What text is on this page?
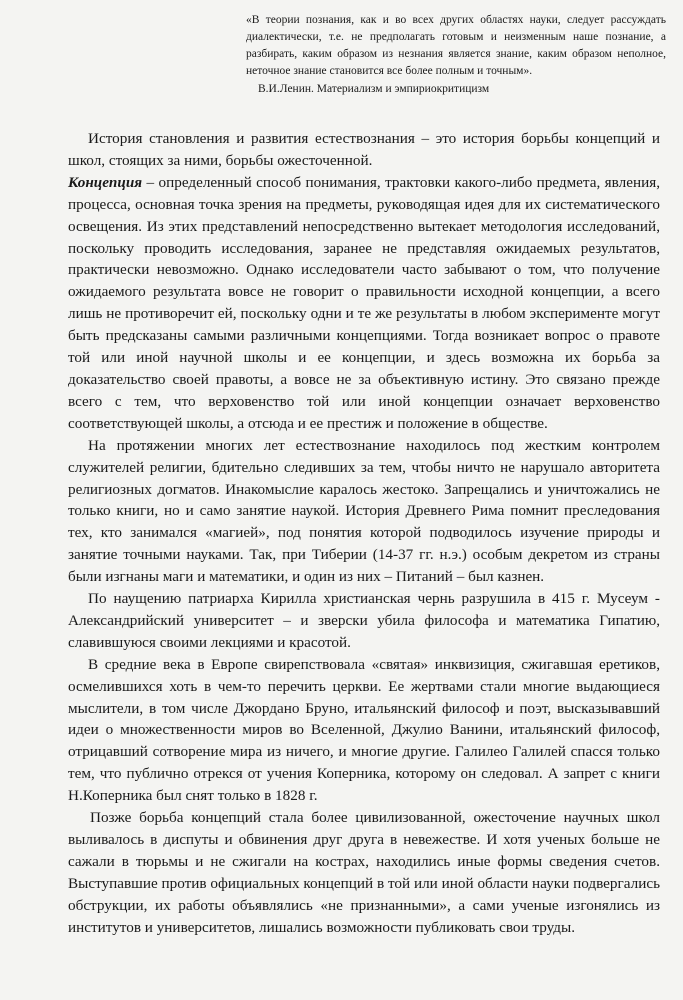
«В теории познания, как и во всех других областях науки, следует рассуждать диалектически, т.е. не предполагать готовым и неизменным наше познание, а разбирать, каким образом из незнания является знание, каким образом неполное, неточное знание становится все более полным и точным».
В.И.Ленин. Материализм и эмпириокритицизм

История становления и развития естествознания – это история борьбы концепций и школ, стоящих за ними, борьбы ожесточенной.

Концепция – определенный способ понимания, трактовки какого-либо предмета, явления, процесса, основная точка зрения на предметы, руководящая идея для их систематического освещения. Из этих представлений непосредственно вытекает методология исследований, поскольку проводить исследования, заранее не представляя ожидаемых результатов, практически невозможно. Однако исследователи часто забывают о том, что получение ожидаемого результата вовсе не говорит о правильности исходной концепции, а всего лишь не противоречит ей, поскольку одни и те же результаты в любом эксперименте могут быть предсказаны самыми различными концепциями. Тогда возникает вопрос о правоте той или иной научной школы и ее концепции, и здесь возможна их борьба за доказательство своей правоты, а вовсе не за объективную истину. Это связано прежде всего с тем, что верховенство той или иной концепции означает верховенство соответствующей школы, а отсюда и ее престиж и положение в обществе.

На протяжении многих лет естествознание находилось под жестким контролем служителей религии, бдительно следивших за тем, чтобы ничто не нарушало авторитета религиозных догматов. Инакомыслие каралось жестоко. Запрещались и уничтожались не только книги, но и само занятие наукой. История Древнего Рима помнит преследования тех, кто занимался «магией», под понятия которой подводилось изучение природы и занятие точными науками. Так, при Тиберии (14-37 гг. н.э.) особым декретом из страны были изгнаны маги и математики, и один из них – Питаний – был казнен.

По наущению патриарха Кирилла христианская чернь разрушила в 415 г. Мусеум - Александрийский университет – и зверски убила философа и математика Гипатию, славившуюся своими лекциями и красотой.

В средние века в Европе свирепствовала «святая» инквизиция, сжигавшая еретиков, осмелившихся хоть в чем-то перечить церкви. Ее жертвами стали многие выдающиеся мыслители, в том числе Джордано Бруно, итальянский философ и поэт, высказывавший идеи о множественности миров во Вселенной, Джулио Ванини, итальянский философ, отрицавший сотворение мира из ничего, и многие другие. Галилео Галилей спасся только тем, что публично отрекся от учения Коперника, которому он следовал. А запрет с книги Н.Коперника был снят только в 1828 г.

Позже борьба концепций стала более цивилизованной, ожесточение научных школ выливалось в диспуты и обвинения друг друга в невежестве. И хотя ученых больше не сажали в тюрьмы и не сжигали на кострах, находились иные формы сведения счетов. Выступавшие против официальных концепций в той или иной области науки подвергались обструкции, их работы объявлялись «не признанными», а сами ученые изгонялись из институтов и университетов, лишались возможности публиковать свои труды.
